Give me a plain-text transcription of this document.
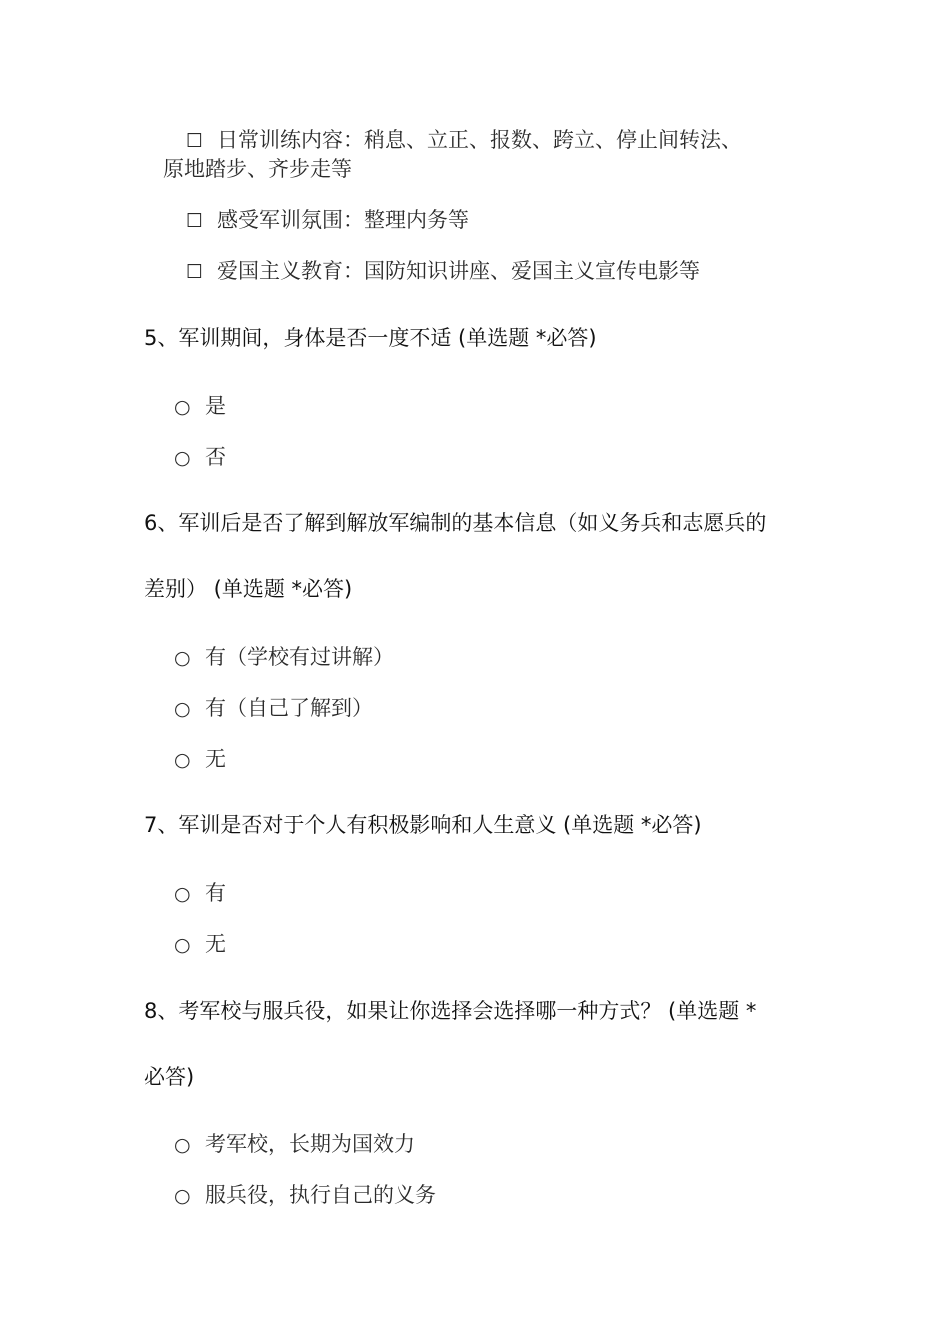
☐ 日常训练内容：稍息、立正、报数、跨立、停止间转法、
原地踏步、齐步走等
☐ 感受军训氛围：整理内务等
☐ 爱国主义教育：国防知识讲座、爱国主义宣传电影等
5、军训期间，身体是否一度不适 (单选题 *必答)
○ 是
○ 否
6、军训后是否了解到解放军编制的基本信息（如义务兵和志愿兵的
差别） (单选题 *必答)
○ 有（学校有过讲解）
○ 有（自己了解到）
○ 无
7、军训是否对于个人有积极影响和人生意义 (单选题 *必答)
○ 有
○ 无
8、考军校与服兵役，如果让你选择会选择哪一种方式？ (单选题 *
必答)
○ 考军校，长期为国效力
○ 服兵役，执行自己的义务
